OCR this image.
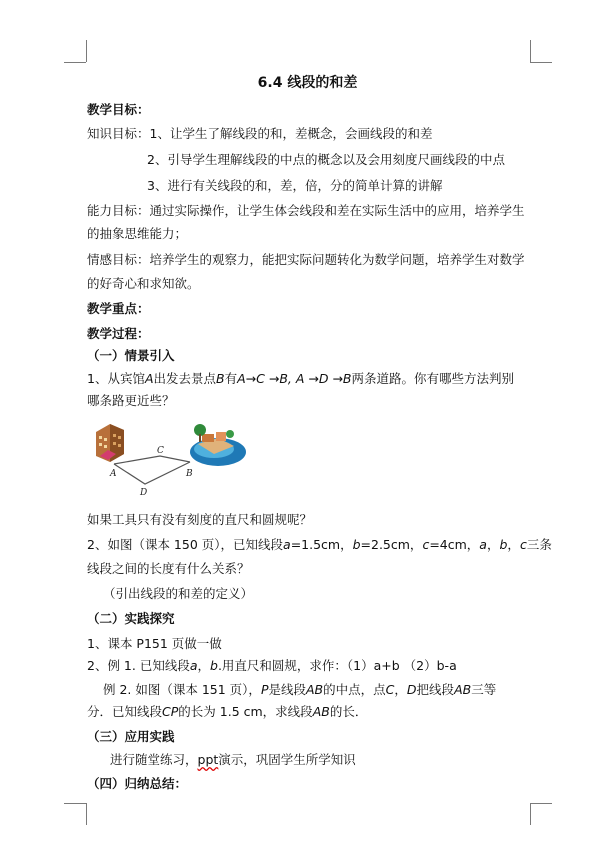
6.4 线段的和差
教学目标：
知识目标：1、让学生了解线段的和，差概念，会画线段的和差
2、引导学生理解线段的中点的概念以及会用刻度尺画线段的中点
3、进行有关线段的和，差，倍，分的简单计算的讲解
能力目标：通过实际操作，让学生体会线段和差在实际生活中的应用，培养学生
的抽象思维能力；
情感目标：培养学生的观察力，能把实际问题转化为数学问题，培养学生对数学
的好奇心和求知欲。
教学重点：
教学过程：
（一）情景引入
1、从宾馆A出发去景点B有A→C →B, A →D →B两条道路。你有哪些方法判别
哪条路更近些？
A
C
B
D
如果工具只有没有刻度的直尺和圆规呢？
2、如图（课本 150 页），已知线段a=1.5cm，b=2.5cm，c=4cm，a，b，c三条
线段之间的长度有什么关系？
（引出线段的和差的定义）
（二）实践探究
1、课本 P151 页做一做
2、例 1. 已知线段a，b.用直尺和圆规，求作：（1）a+b （2）b-a
例 2. 如图（课本 151 页），P是线段AB的中点，点C，D把线段AB三等
分．已知线段CP的长为 1.5 cm，求线段AB的长．
（三）应用实践
进行随堂练习，ppt演示，巩固学生所学知识
（四）归纳总结：
